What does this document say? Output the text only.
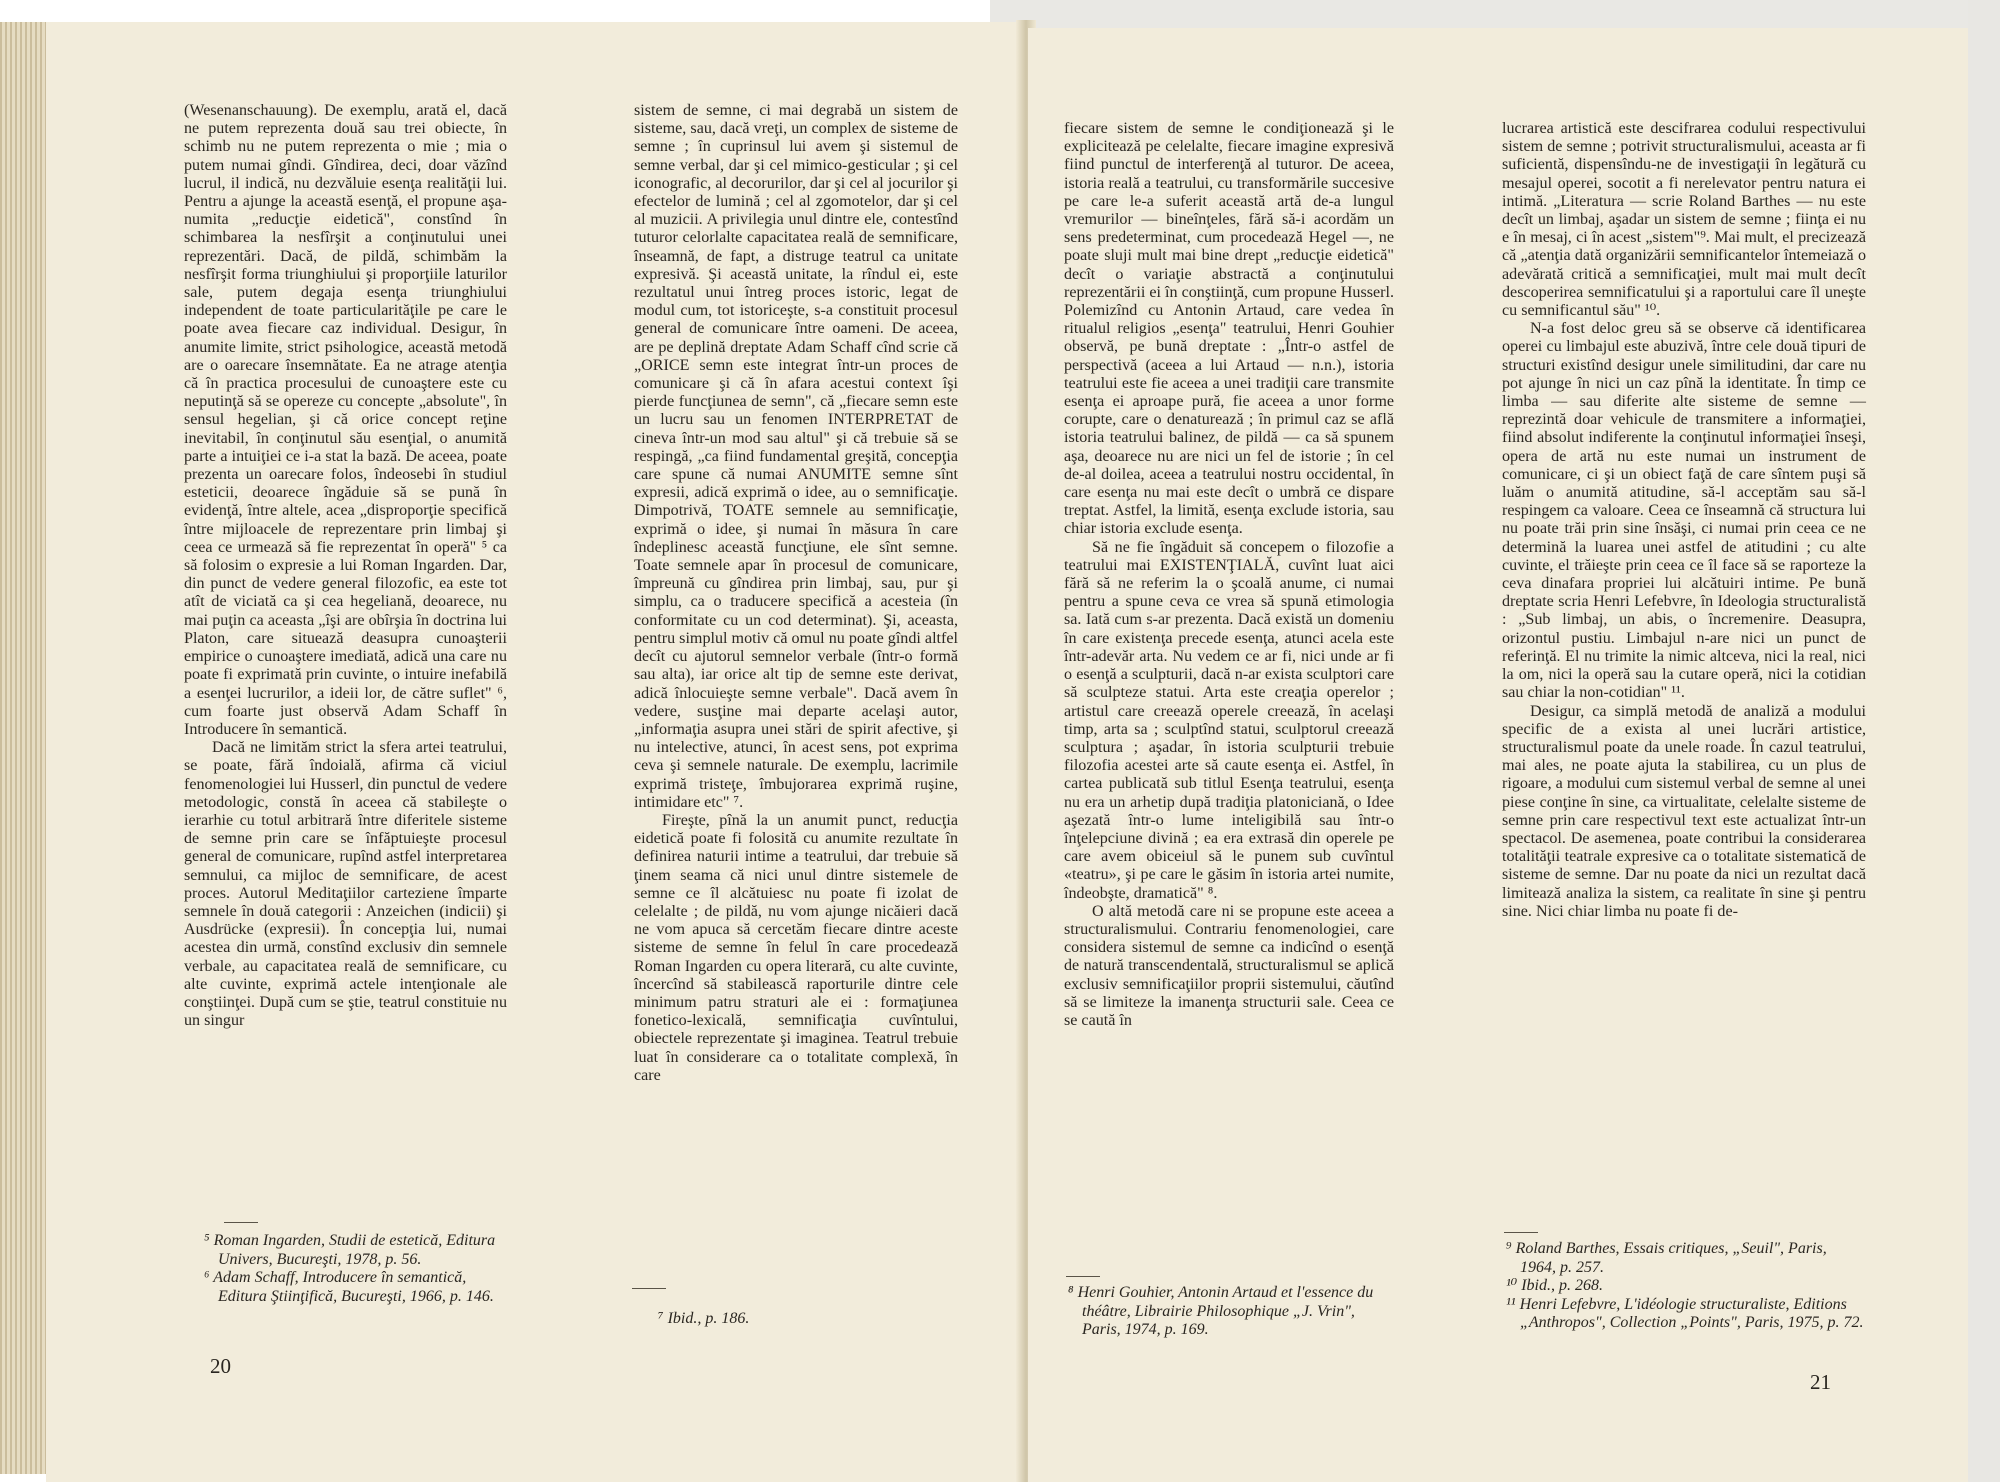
(Wesenanschauung). De exemplu, arată el, dacă ne putem reprezenta două sau trei obiecte, în schimb nu ne putem reprezenta o mie ; mia o putem numai gîndi. Gîndirea, deci, doar văzînd lucrul, il indică, nu dezvăluie esenţa realităţii lui. Pentru a ajunge la această esenţă, el propune aşa-numita „reducţie eidetică", constînd în schimbarea la nesfîrşit a conţinutului unei reprezentări. Dacă, de pildă, schimbăm la nesfîrşit forma triunghiului şi proporţiile laturilor sale, putem degaja esenţa triunghiului independent de toate particularităţile pe care le poate avea fiecare caz individual. Desigur, în anumite limite, strict psihologice, această metodă are o oarecare însemnătate. Ea ne atrage atenţia că în practica procesului de cunoaştere este cu neputinţă să se opereze cu concepte „absolute", în sensul hegelian, şi că orice concept reţine inevitabil, în conţinutul său esenţial, o anumită parte a intuiţiei ce i-a stat la bază. De aceea, poate prezenta un oarecare folos, îndeosebi în studiul esteticii, deoarece îngăduie să se pună în evidenţă, între altele, acea „disproporţie specifică între mijloacele de reprezentare prin limbaj şi ceea ce urmează să fie reprezentat în operă" ⁵ ca să folosim o expresie a lui Roman Ingarden. Dar, din punct de vedere general filozofic, ea este tot atît de viciată ca şi cea hegeliană, deoarece, nu mai puţin ca aceasta „îşi are obîrşia în doctrina lui Platon, care situează deasupra cunoaşterii empirice o cunoaştere imediată, adică una care nu poate fi exprimată prin cuvinte, o intuire inefabilă a esenţei lucrurilor, a ideii lor, de către suflet" ⁶, cum foarte just observă Adam Schaff în Introducere în semantică.

Dacă ne limităm strict la sfera artei teatrului, se poate, fără îndoială, afirma că viciul fenomenologiei lui Husserl, din punctul de vedere metodologic, constă în aceea că stabileşte o ierarhie cu totul arbitrară între diferitele sisteme de semne prin care se înfăptuieşte procesul general de comunicare, rupînd astfel interpretarea semnului, ca mijloc de semnificare, de acest proces. Autorul Meditaţiilor carteziene împarte semnele în două categorii : Anzeichen (indicii) şi Ausdrücke (expresii). În concepţia lui, numai acestea din urmă, constînd exclusiv din semnele verbale, au capacitatea reală de semnificare, cu alte cuvinte, exprimă actele intenţionale ale conştiinţei. După cum se ştie, teatrul constituie nu un singur

⁵ Roman Ingarden, Studii de estetică, Editura Univers, Bucureşti, 1978, p. 56.

⁶ Adam Schaff, Introducere în semantică, Editura Ştiinţifică, Bucureşti, 1966, p. 146.

sistem de semne, ci mai degrabă un sistem de sisteme, sau, dacă vreţi, un complex de sisteme de semne ; în cuprinsul lui avem şi sistemul de semne verbal, dar şi cel mimico-gesticular ; şi cel iconografic, al decorurilor, dar şi cel al jocurilor şi efectelor de lumină ; cel al zgomotelor, dar şi cel al muzicii. A privilegia unul dintre ele, contestînd tuturor celorlalte capacitatea reală de semnificare, înseamnă, de fapt, a distruge teatrul ca unitate expresivă. Şi această unitate, la rîndul ei, este rezultatul unui întreg proces istoric, legat de modul cum, tot istoriceşte, s-a constituit procesul general de comunicare între oameni. De aceea, are pe deplină dreptate Adam Schaff cînd scrie că „ORICE semn este integrat într-un proces de comunicare şi că în afara acestui context îşi pierde funcţiunea de semn", că „fiecare semn este un lucru sau un fenomen INTERPRETAT de cineva într-un mod sau altul" şi că trebuie să se respingă, „ca fiind fundamental greşită, concepţia care spune că numai ANUMITE semne sînt expresii, adică exprimă o idee, au o semnificaţie. Dimpotrivă, TOATE semnele au semnificaţie, exprimă o idee, şi numai în măsura în care îndeplinesc această funcţiune, ele sînt semne. Toate semnele apar în procesul de comunicare, împreună cu gîndirea prin limbaj, sau, pur şi simplu, ca o traducere specifică a acesteia (în conformitate cu un cod determinat). Şi, aceasta, pentru simplul motiv că omul nu poate gîndi altfel decît cu ajutorul semnelor verbale (într-o formă sau alta), iar orice alt tip de semne este derivat, adică înlocuieşte semne verbale". Dacă avem în vedere, susţine mai departe acelaşi autor, „informaţia asupra unei stări de spirit afective, şi nu intelective, atunci, în acest sens, pot exprima ceva şi semnele naturale. De exemplu, lacrimile exprimă tristeţe, îmbujorarea exprimă ruşine, intimidare etc" ⁷.

Fireşte, pînă la un anumit punct, reducţia eidetică poate fi folosită cu anumite rezultate în definirea naturii intime a teatrului, dar trebuie să ţinem seama că nici unul dintre sistemele de semne ce îl alcătuiesc nu poate fi izolat de celelalte ; de pildă, nu vom ajunge nicăieri dacă ne vom apuca să cercetăm fiecare dintre aceste sisteme de semne în felul în care procedează Roman Ingarden cu opera literară, cu alte cuvinte, încercînd să stabilească raporturile dintre cele minimum patru straturi ale ei : formaţiunea fonetico-lexicală, semnificaţia cuvîntului, obiectele reprezentate şi imaginea. Teatrul trebuie luat în considerare ca o totalitate complexă, în care

⁷ Ibid., p. 186.

20

fiecare sistem de semne le condiţionează şi le explicitează pe celelalte, fiecare imagine expresivă fiind punctul de interferenţă al tuturor. De aceea, istoria reală a teatrului, cu transformările succesive pe care le-a suferit această artă de-a lungul vremurilor — bineînţeles, fără să-i acordăm un sens predeterminat, cum procedează Hegel —, ne poate sluji mult mai bine drept „reducţie eidetică" decît o variaţie abstractă a conţinutului reprezentării ei în conştiinţă, cum propune Husserl. Polemizînd cu Antonin Artaud, care vedea în ritualul religios „esenţa" teatrului, Henri Gouhier observă, pe bună dreptate : „Într-o astfel de perspectivă (aceea a lui Artaud — n.n.), istoria teatrului este fie aceea a unei tradiţii care transmite esenţa ei aproape pură, fie aceea a unor forme corupte, care o denaturează ; în primul caz se află istoria teatrului balinez, de pildă — ca să spunem aşa, deoarece nu are nici un fel de istorie ; în cel de-al doilea, aceea a teatrului nostru occidental, în care esenţa nu mai este decît o umbră ce dispare treptat. Astfel, la limită, esenţa exclude istoria, sau chiar istoria exclude esenţa.

Să ne fie îngăduit să concepem o filozofie a teatrului mai EXISTENŢIALĂ, cuvînt luat aici fără să ne referim la o şcoală anume, ci numai pentru a spune ceva ce vrea să spună etimologia sa. Iată cum s-ar prezenta. Dacă există un domeniu în care existenţa precede esenţa, atunci acela este într-adevăr arta. Nu vedem ce ar fi, nici unde ar fi o esenţă a sculpturii, dacă n-ar exista sculptori care să sculpteze statui. Arta este creaţia operelor ; artistul care creează operele creează, în acelaşi timp, arta sa ; sculptînd statui, sculptorul creează sculptura ; aşadar, în istoria sculpturii trebuie filozofia acestei arte să caute esenţa ei. Astfel, în cartea publicată sub titlul Esenţa teatrului, esenţa nu era un arhetip după tradiţia platoniciană, o Idee aşezată într-o lume inteligibilă sau într-o înţelepciune divină ; ea era extrasă din operele pe care avem obiceiul să le punem sub cuvîntul «teatru», şi pe care le găsim în istoria artei numite, îndeobşte, dramatică" ⁸.

O altă metodă care ni se propune este aceea a structuralismului. Contrariu fenomenologiei, care considera sistemul de semne ca indicînd o esenţă de natură transcendentală, structuralismul se aplică exclusiv semnificaţiilor proprii sistemului, căutînd să se limiteze la imanenţa structurii sale. Ceea ce se caută în

⁸ Henri Gouhier, Antonin Artaud et l'essence du théâtre, Librairie Philosophique „J. Vrin", Paris, 1974, p. 169.

lucrarea artistică este descifrarea codului respectivului sistem de semne ; potrivit structuralismului, aceasta ar fi suficientă, dispensîndu-ne de investigaţii în legătură cu mesajul operei, socotit a fi nerelevator pentru natura ei intimă. „Literatura — scrie Roland Barthes — nu este decît un limbaj, aşadar un sistem de semne ; fiinţa ei nu e în mesaj, ci în acest „sistem"⁹. Mai mult, el precizează că „atenţia dată organizării semnificantelor întemeiază o adevărată critică a semnificaţiei, mult mai mult decît descoperirea semnificatului şi a raportului care îl uneşte cu semnificantul său" ¹⁰.

N-a fost deloc greu să se observe că identificarea operei cu limbajul este abuzivă, între cele două tipuri de structuri existînd desigur unele similitudini, dar care nu pot ajunge în nici un caz pînă la identitate. În timp ce limba — sau diferite alte sisteme de semne — reprezintă doar vehicule de transmitere a informaţiei, fiind absolut indiferente la conţinutul informaţiei înseşi, opera de artă nu este numai un instrument de comunicare, ci şi un obiect faţă de care sîntem puşi să luăm o anumită atitudine, să-l acceptăm sau să-l respingem ca valoare. Ceea ce înseamnă că structura lui nu poate trăi prin sine însăşi, ci numai prin ceea ce ne determină la luarea unei astfel de atitudini ; cu alte cuvinte, el trăieşte prin ceea ce îl face să se raporteze la ceva dinafara propriei lui alcătuiri intime. Pe bună dreptate scria Henri Lefebvre, în Ideologia structuralistă : „Sub limbaj, un abis, o încremenire. Deasupra, orizontul pustiu. Limbajul n-are nici un punct de referinţă. El nu trimite la nimic altceva, nici la real, nici la om, nici la operă sau la cutare operă, nici la cotidian sau chiar la non-cotidian" ¹¹.

Desigur, ca simplă metodă de analiză a modului specific de a exista al unei lucrări artistice, structuralismul poate da unele roade. În cazul teatrului, mai ales, ne poate ajuta la stabilirea, cu un plus de rigoare, a modului cum sistemul verbal de semne al unei piese conţine în sine, ca virtualitate, celelalte sisteme de semne prin care respectivul text este actualizat într-un spectacol. De asemenea, poate contribui la considerarea totalităţii teatrale expresive ca o totalitate sistematică de sisteme de semne. Dar nu poate da nici un rezultat dacă limitează analiza la sistem, ca realitate în sine şi pentru sine. Nici chiar limba nu poate fi de-

⁹ Roland Barthes, Essais critiques, „Seuil", Paris, 1964, p. 257.

¹⁰ Ibid., p. 268.

¹¹ Henri Lefebvre, L'idéologie structuraliste, Editions „Anthropos", Collection „Points", Paris, 1975, p. 72.

21
